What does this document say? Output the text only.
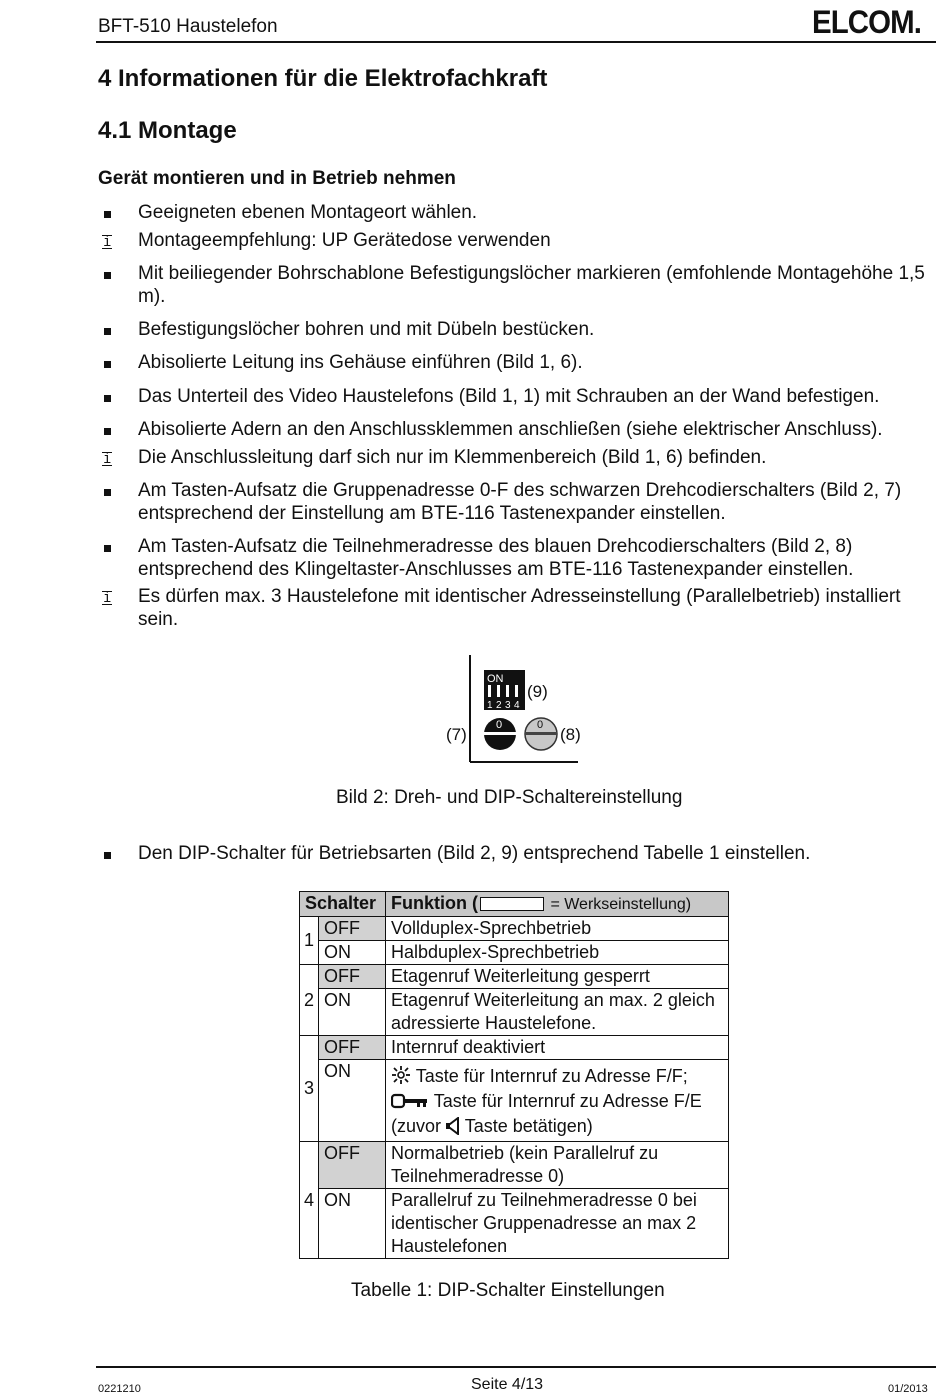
BFT-510 Haustelefon	ELCOM.
4 Informationen für die Elektrofachkraft
4.1 Montage
Gerät montieren und in Betrieb nehmen
Geeigneten ebenen Montageort wählen.
i	Montageempfehlung: UP Gerätedose verwenden
Mit beiliegender Bohrschablone Befestigungslöcher markieren (emfohlende Montagehöhe 1,5 m).
Befestigungslöcher bohren und mit Dübeln bestücken.
Abisolierte Leitung ins Gehäuse einführen (Bild 1, 6).
Das Unterteil des Video Haustelefons (Bild 1, 1) mit Schrauben an der Wand befestigen.
Abisolierte Adern an den Anschlussklemmen anschließen (siehe elektrischer Anschluss).
i	Die Anschlussleitung darf sich nur im Klemmenbereich (Bild 1, 6) befinden.
Am Tasten-Aufsatz die Gruppenadresse 0-F des schwarzen Drehcodierschalters (Bild 2, 7) entsprechend der Einstellung am BTE-116 Tastenexpander einstellen.
Am Tasten-Aufsatz die Teilnehmeradresse des blauen Drehcodierschalters (Bild 2, 8) entsprechend des Klingeltaster-Anschlusses am BTE-116 Tastenexpander einstellen.
i	Es dürfen max. 3 Haustelefone mit identischer Adresseinstellung (Parallelbetrieb) installiert sein.
ON
1 2 3 4
(9)
0	0
(7)	(8)
Bild 2: Dreh- und DIP-Schaltereinstellung
Den DIP-Schalter für Betriebsarten (Bild 2, 9) entsprechend Tabelle 1 einstellen.
Schalter		Funktion ( = Werkseinstellung)
1	OFF	Vollduplex-Sprechbetrieb
	ON	Halbduplex-Sprechbetrieb
2	OFF	Etagenruf Weiterleitung gesperrt
	ON	Etagenruf Weiterleitung an max. 2 gleich adressierte Haustelefone.
3	OFF	Internruf deaktiviert
	ON	Taste für Internruf zu Adresse F/F;
Taste für Internruf zu Adresse F/E
(zuvor  Taste betätigen)

4	OFF	Normalbetrieb (kein Parallelruf zu Teilnehmeradresse 0)
	ON	Parallelruf zu Teilnehmeradresse 0 bei identischer Gruppenadresse an max 2 Haustelefonen
Tabelle 1: DIP-Schalter Einstellungen
0221210	Seite 4/13	01/2013
